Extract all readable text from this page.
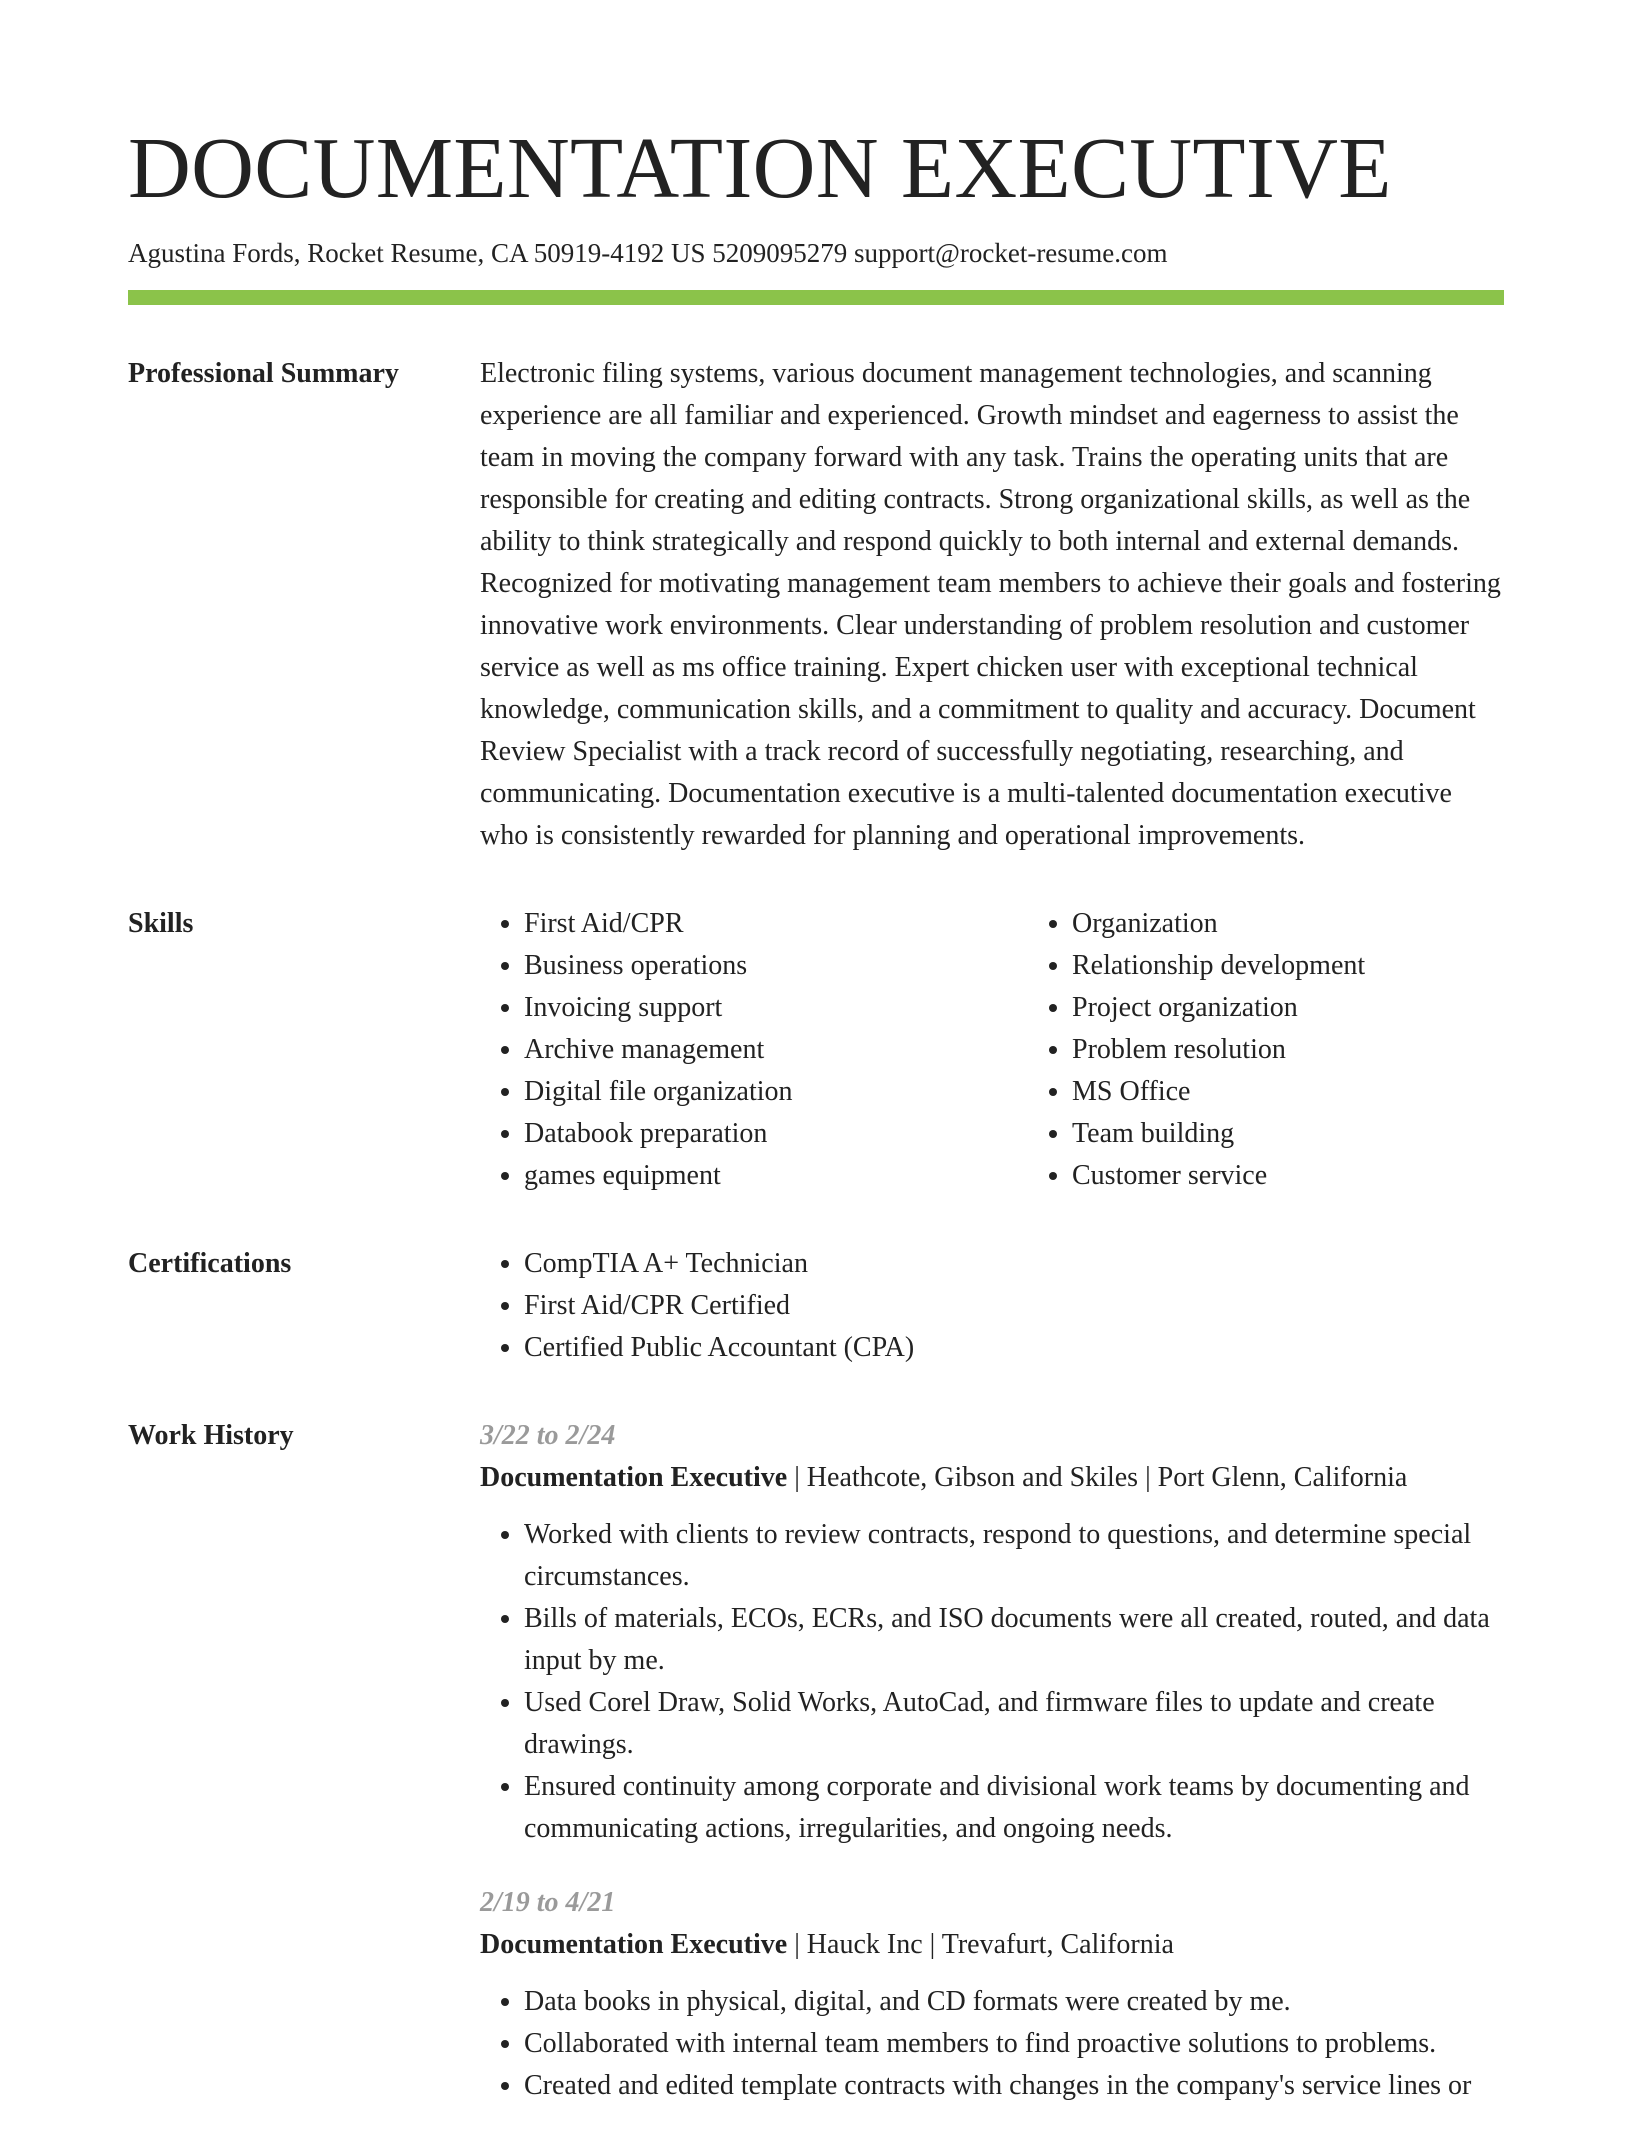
DOCUMENTATION EXECUTIVE
Agustina Fords, Rocket Resume, CA 50919-4192 US 5209095279 support@rocket-resume.com
Professional Summary	Electronic filing systems, various document management technologies, and scanning experience are all familiar and experienced. Growth mindset and eagerness to assist the team in moving the company forward with any task. Trains the operating units that are responsible for creating and editing contracts. Strong organizational skills, as well as the ability to think strategically and respond quickly to both internal and external demands. Recognized for motivating management team members to achieve their goals and fostering innovative work environments. Clear understanding of problem resolution and customer service as well as ms office training. Expert chicken user with exceptional technical knowledge, communication skills, and a commitment to quality and accuracy. Document Review Specialist with a track record of successfully negotiating, researching, and communicating. Documentation executive is a multi-talented documentation executive who is consistently rewarded for planning and operational improvements.

Skills	• First Aid/CPR
• Business operations
• Invoicing support
• Archive management
• Digital file organization
• Databook preparation
• games equipment
• Organization
• Relationship development
• Project organization
• Problem resolution
• MS Office
• Team building
• Customer service
Certifications	• CompTIA A+ Technician
• First Aid/CPR Certified
• Certified Public Accountant (CPA)
Work History	3/22 to 2/24
Documentation Executive | Heathcote, Gibson and Skiles | Port Glenn, California
• Worked with clients to review contracts, respond to questions, and determine special circumstances.
• Bills of materials, ECOs, ECRs, and ISO documents were all created, routed, and data input by me.
• Used Corel Draw, Solid Works, AutoCad, and firmware files to update and create drawings.
• Ensured continuity among corporate and divisional work teams by documenting and communicating actions, irregularities, and ongoing needs.
2/19 to 4/21
Documentation Executive | Hauck Inc | Trevafurt, California
• Data books in physical, digital, and CD formats were created by me.
• Collaborated with internal team members to find proactive solutions to problems.
• Created and edited template contracts with changes in the company's service lines or
